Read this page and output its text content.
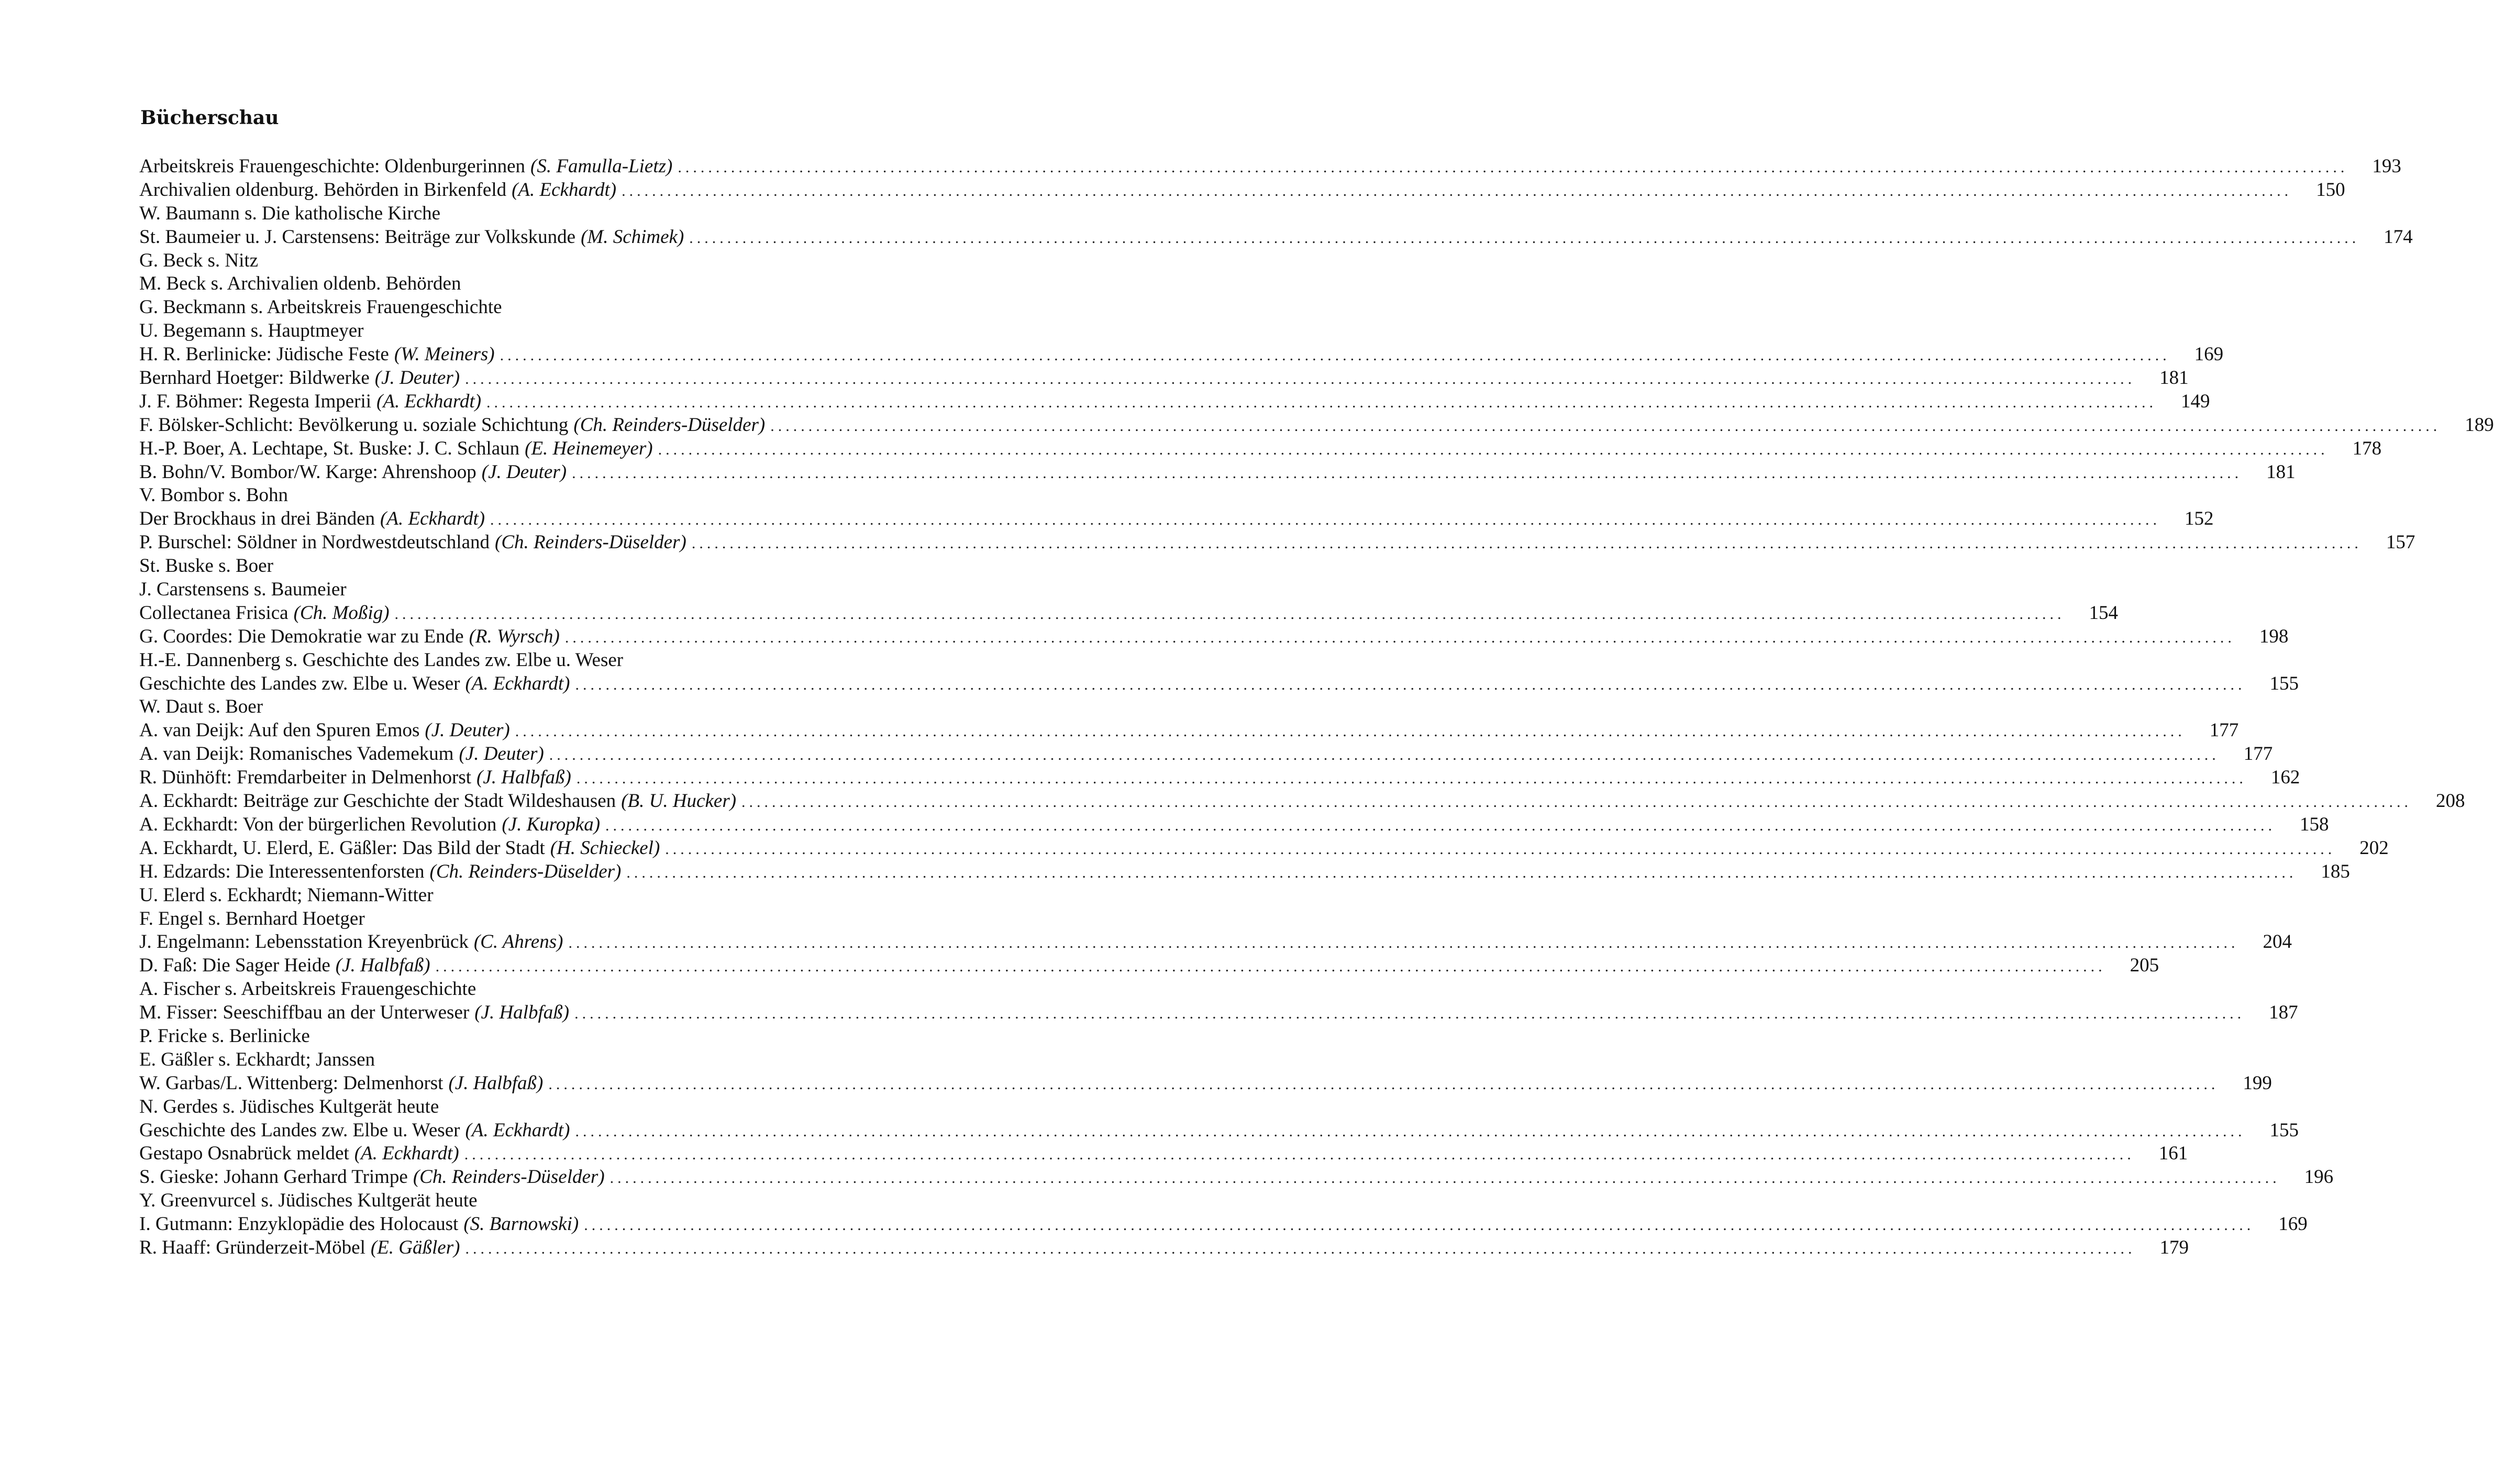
Bücherschau
Arbeitskreis Frauengeschichte: Oldenburgerinnen (S. Famulla-Lietz) ............................................................................................................................................................................................................................ 193
Archivalien oldenburg. Behörden in Birkenfeld (A. Eckhardt) ............................................................................................................................................................................................................................ 150
W. Baumann s. Die katholische Kirche
St. Baumeier u. J. Carstensens: Beiträge zur Volkskunde (M. Schimek) ............................................................................................................................................................................................................................ 174
G. Beck s. Nitz
M. Beck s. Archivalien oldenb. Behörden
G. Beckmann s. Arbeitskreis Frauengeschichte
U. Begemann s. Hauptmeyer
H. R. Berlinicke: Jüdische Feste (W. Meiners) ............................................................................................................................................................................................................................ 169
Bernhard Hoetger: Bildwerke (J. Deuter) ............................................................................................................................................................................................................................ 181
J. F. Böhmer: Regesta Imperii (A. Eckhardt) ............................................................................................................................................................................................................................ 149
F. Bölsker-Schlicht: Bevölkerung u. soziale Schichtung (Ch. Reinders-Düselder) ............................................................................................................................................................................................................................ 189
H.-P. Boer, A. Lechtape, St. Buske: J. C. Schlaun (E. Heinemeyer) ............................................................................................................................................................................................................................ 178
B. Bohn/V. Bombor/W. Karge: Ahrenshoop (J. Deuter) ............................................................................................................................................................................................................................ 181
V. Bombor s. Bohn
Der Brockhaus in drei Bänden (A. Eckhardt) ............................................................................................................................................................................................................................ 152
P. Burschel: Söldner in Nordwestdeutschland (Ch. Reinders-Düselder) ............................................................................................................................................................................................................................ 157
St. Buske s. Boer
J. Carstensens s. Baumeier
Collectanea Frisica (Ch. Moßig) ............................................................................................................................................................................................................................ 154
G. Coordes: Die Demokratie war zu Ende (R. Wyrsch) ............................................................................................................................................................................................................................ 198
H.-E. Dannenberg s. Geschichte des Landes zw. Elbe u. Weser
Geschichte des Landes zw. Elbe u. Weser (A. Eckhardt) ............................................................................................................................................................................................................................ 155
W. Daut s. Boer
A. van Deijk: Auf den Spuren Emos (J. Deuter) ............................................................................................................................................................................................................................ 177
A. van Deijk: Romanisches Vademekum (J. Deuter) ............................................................................................................................................................................................................................ 177
R. Dünhöft: Fremdarbeiter in Delmenhorst (J. Halbfaß) ............................................................................................................................................................................................................................ 162
A. Eckhardt: Beiträge zur Geschichte der Stadt Wildeshausen (B. U. Hucker) ............................................................................................................................................................................................................................ 208
A. Eckhardt: Von der bürgerlichen Revolution (J. Kuropka) ............................................................................................................................................................................................................................ 158
A. Eckhardt, U. Elerd, E. Gäßler: Das Bild der Stadt (H. Schieckel) ............................................................................................................................................................................................................................ 202
H. Edzards: Die Interessentenforsten (Ch. Reinders-Düselder) ............................................................................................................................................................................................................................ 185
U. Elerd s. Eckhardt; Niemann-Witter
F. Engel s. Bernhard Hoetger
J. Engelmann: Lebensstation Kreyenbrück (C. Ahrens) ............................................................................................................................................................................................................................ 204
D. Faß: Die Sager Heide (J. Halbfaß) ............................................................................................................................................................................................................................ 205
A. Fischer s. Arbeitskreis Frauengeschichte
M. Fisser: Seeschiffbau an der Unterweser (J. Halbfaß) ............................................................................................................................................................................................................................ 187
P. Fricke s. Berlinicke
E. Gäßler s. Eckhardt; Janssen
W. Garbas/L. Wittenberg: Delmenhorst (J. Halbfaß) ............................................................................................................................................................................................................................ 199
N. Gerdes s. Jüdisches Kultgerät heute
Geschichte des Landes zw. Elbe u. Weser (A. Eckhardt) ............................................................................................................................................................................................................................ 155
Gestapo Osnabrück meldet (A. Eckhardt) ............................................................................................................................................................................................................................ 161
S. Gieske: Johann Gerhard Trimpe (Ch. Reinders-Düselder) ............................................................................................................................................................................................................................ 196
Y. Greenvurcel s. Jüdisches Kultgerät heute
I. Gutmann: Enzyklopädie des Holocaust (S. Barnowski) ............................................................................................................................................................................................................................ 169
R. Haaff: Gründerzeit-Möbel (E. Gäßler) ............................................................................................................................................................................................................................ 179
